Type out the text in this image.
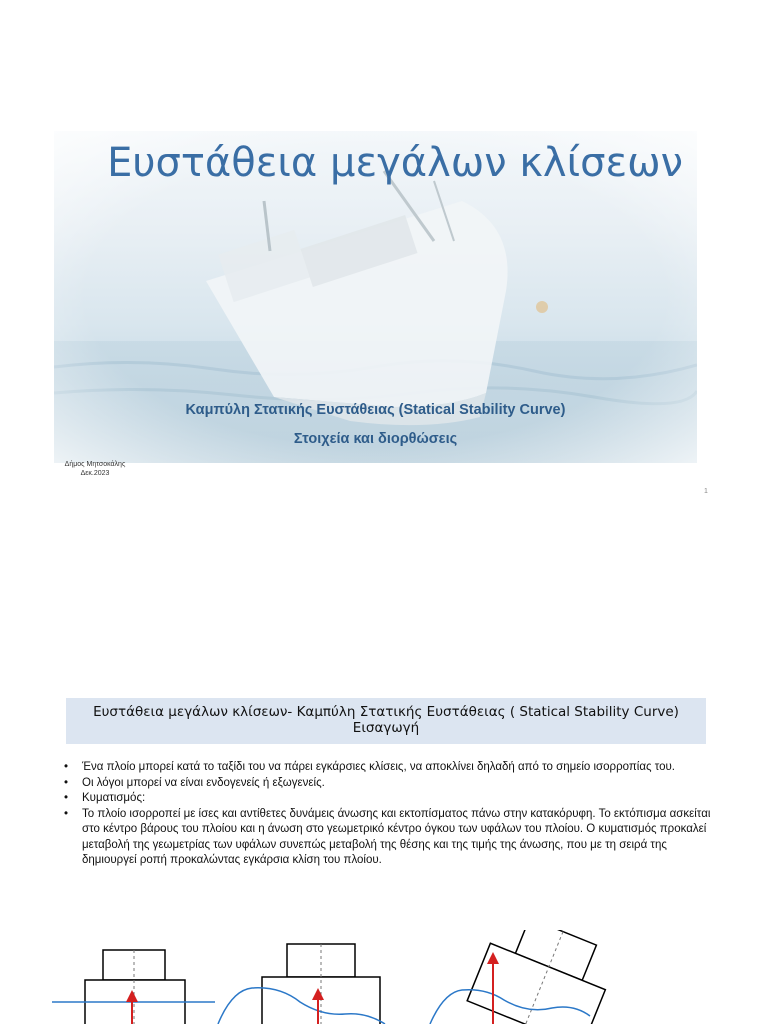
Ευστάθεια μεγάλων κλίσεων

Καμπύλη Στατικής Ευστάθειας (Statical Stability Curve)

Στοιχεία και διορθώσεις

Δήμος Μητσοκάλης
Δεκ.2023
1
Ευστάθεια μεγάλων κλίσεων- Καμπύλη Στατικής Ευστάθειας ( Statical Stability Curve)
Εισαγωγή
• Ένα πλοίο μπορεί κατά το ταξίδι του να πάρει εγκάρσιες κλίσεις, να αποκλίνει δηλαδή από το σημείο ισορροπίας του.
• Οι λόγοι μπορεί να είναι ενδογενείς ή εξωγενείς.
• Κυματισμός:
• Το πλοίο ισορροπεί με ίσες και αντίθετες δυνάμεις άνωσης και εκτοπίσματος πάνω στην κατακόρυφη. Το εκτόπισμα ασκείται στο κέντρο βάρους του πλοίου και η άνωση στο γεωμετρικό κέντρο όγκου των υφάλων του πλοίου. Ο κυματισμός προκαλεί μεταβολή της γεωμετρίας των υφάλων συνεπώς μεταβολή της θέσης και της τιμής της άνωσης, που με τη σειρά της δημιουργεί ροπή προκαλώντας εγκάρσια κλίση του πλοίου.
